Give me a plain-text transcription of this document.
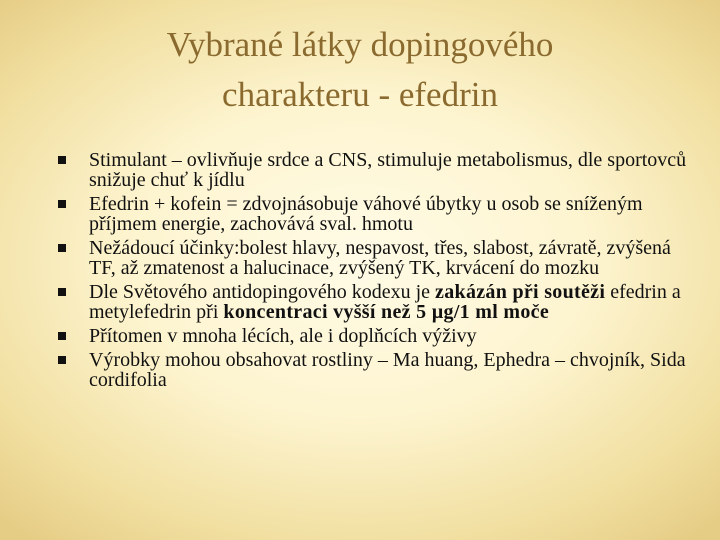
Vybrané látky dopingového
charakteru - efedrin
Stimulant – ovlivňuje srdce a CNS, stimuluje metabolismus, dle sportovců snižuje chuť k jídlu
Efedrin + kofein = zdvojnásobuje váhové úbytky u osob se sníženým příjmem energie, zachovává sval. hmotu
Nežádoucí účinky:bolest hlavy, nespavost, třes, slabost, závratě, zvýšená TF, až zmatenost a halucinace, zvýšený TK, krvácení do mozku
Dle Světového antidopingového kodexu je zakázán při soutěži efedrin a metylefedrin při koncentraci vyšší než 5 µg/1 ml moče
Přítomen v mnoha lécích, ale i doplňcích výživy
Výrobky mohou obsahovat rostliny – Ma huang, Ephedra – chvojník, Sida cordifolia
